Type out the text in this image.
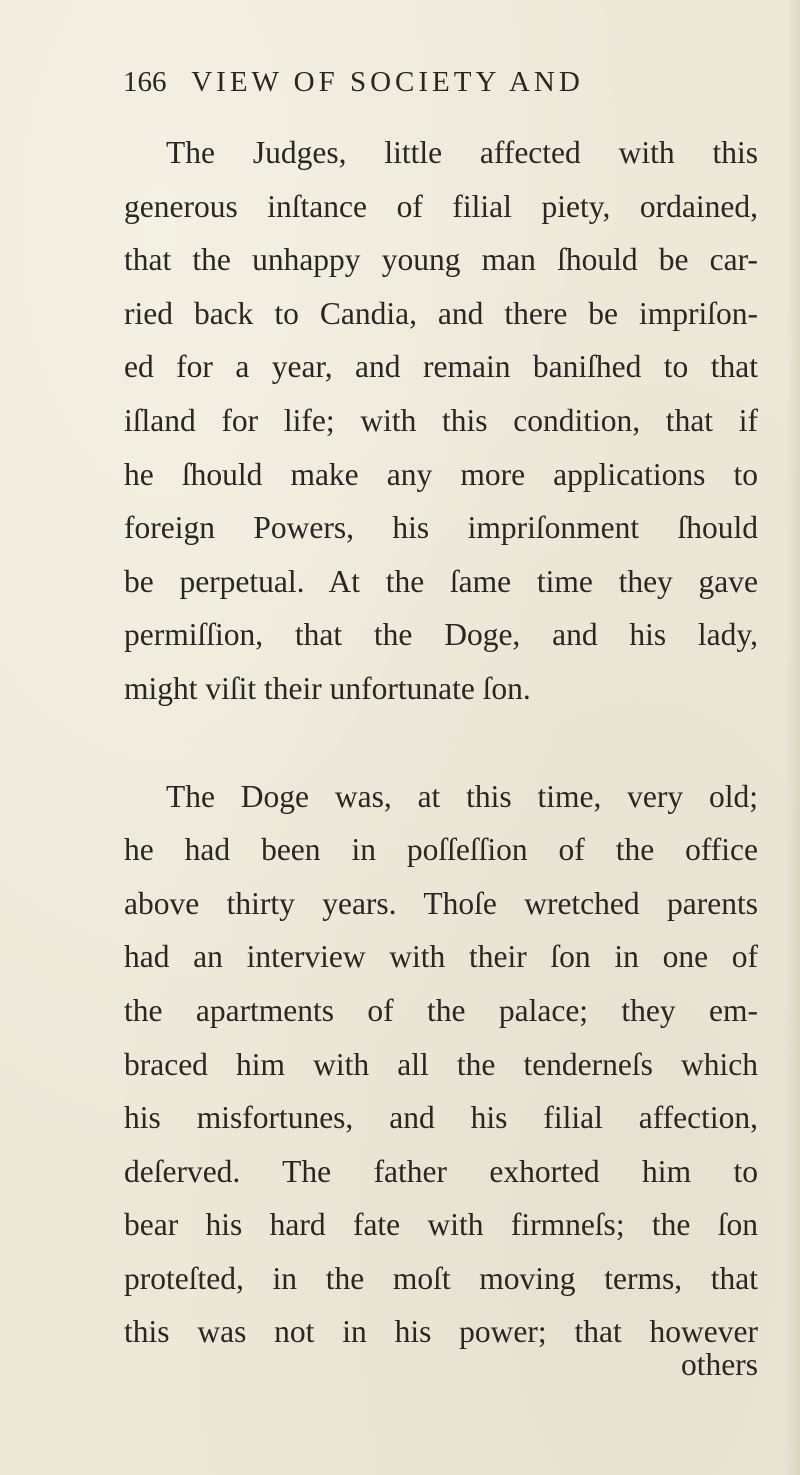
166 VIEW OF SOCIETY AND
The Judges, little affected with this
generous inſtance of filial piety, ordained,
that the unhappy young man ſhould be car-
ried back to Candia, and there be impriſon-
ed for a year, and remain baniſhed to that
iſland for life; with this condition, that if
he ſhould make any more applications to
foreign Powers, his impriſonment ſhould
be perpetual. At the ſame time they gave
permiſſion, that the Doge, and his lady,
might viſit their unfortunate ſon.
The Doge was, at this time, very old;
he had been in poſſeſſion of the office
above thirty years. Thoſe wretched parents
had an interview with their ſon in one of
the apartments of the palace; they em-
braced him with all the tenderneſs which
his misfortunes, and his filial affection,
deſerved. The father exhorted him to
bear his hard fate with firmneſs; the ſon
proteſted, in the moſt moving terms, that
this was not in his power; that however
others
